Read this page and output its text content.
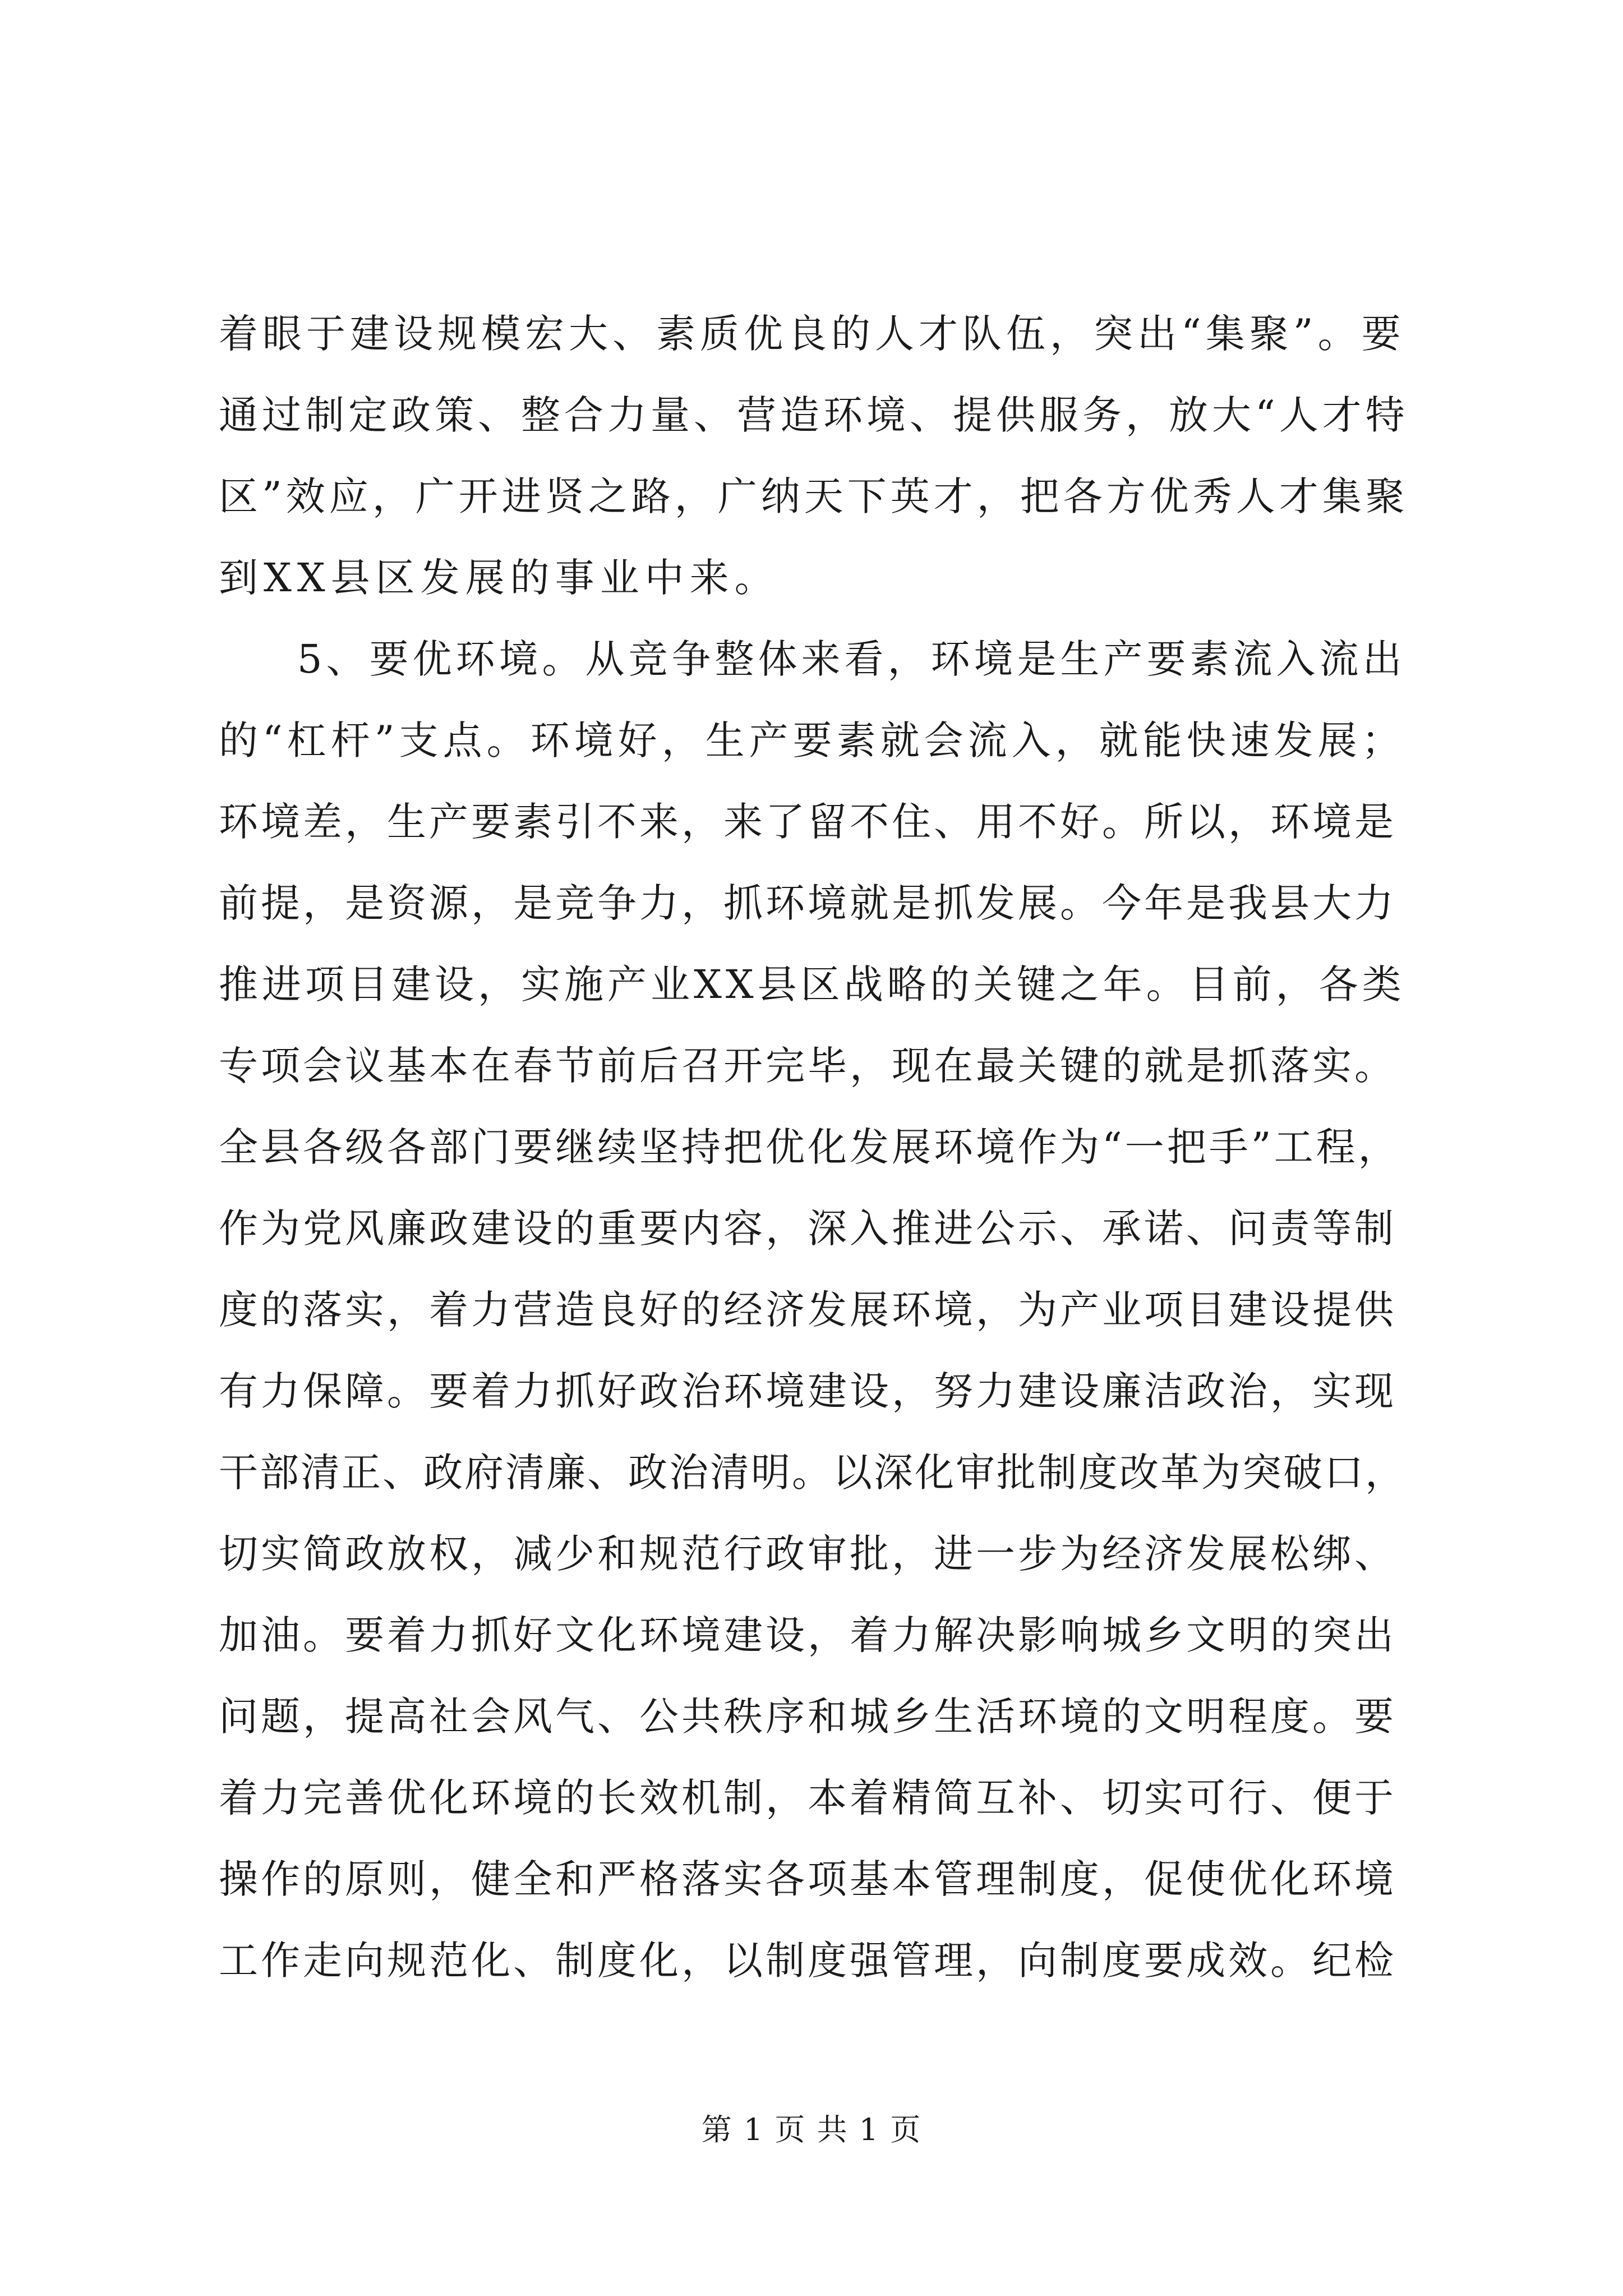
着眼于建设规模宏大、素质优良的人才队伍，突出“集聚”。要
通过制定政策、整合力量、营造环境、提供服务，放大“人才特
区”效应，广开进贤之路，广纳天下英才，把各方优秀人才集聚
到XX县区发展的事业中来。
5、要优环境。从竞争整体来看，环境是生产要素流入流出
的“杠杆”支点。环境好，生产要素就会流入，就能快速发展；
环境差，生产要素引不来，来了留不住、用不好。所以，环境是
前提，是资源，是竞争力，抓环境就是抓发展。今年是我县大力
推进项目建设，实施产业XX县区战略的关键之年。目前，各类
专项会议基本在春节前后召开完毕，现在最关键的就是抓落实。
全县各级各部门要继续坚持把优化发展环境作为“一把手”工程，
作为党风廉政建设的重要内容，深入推进公示、承诺、问责等制
度的落实，着力营造良好的经济发展环境，为产业项目建设提供
有力保障。要着力抓好政治环境建设，努力建设廉洁政治，实现
干部清正、政府清廉、政治清明。以深化审批制度改革为突破口，
切实简政放权，减少和规范行政审批，进一步为经济发展松绑、
加油。要着力抓好文化环境建设，着力解决影响城乡文明的突出
问题，提高社会风气、公共秩序和城乡生活环境的文明程度。要
着力完善优化环境的长效机制，本着精简互补、切实可行、便于
操作的原则，健全和严格落实各项基本管理制度，促使优化环境
工作走向规范化、制度化，以制度强管理，向制度要成效。纪检
第 1 页 共 1 页
